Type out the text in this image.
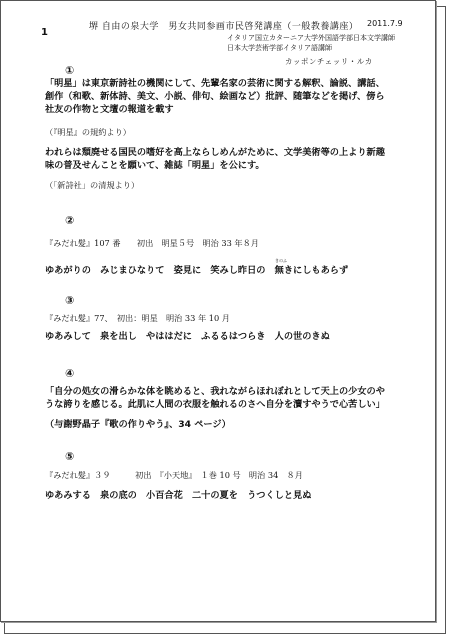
1	堺 自由の泉大学　男女共同参画市民啓発講座（一般教養講座） 2011.7.9
イタリア国立カターニア大学外国語学部日本文学講師
日本大学芸術学部イタリア語講師
カッポンチェッリ・ルカ
①
「明星」は東京新詩社の機関にして、先輩名家の芸術に関する解釈、論説、講話、
創作（和歌、新体詩、美文、小説、俳句、絵画など）批評、随筆などを掲げ、傍ら
社友の作物と文壇の報道を載す
（『明星』の規約より）
われらは頽廃せる国民の嗜好を高上ならしめんがために、文学美術等の上より新趣
味の普及せんことを願いて、雑誌「明星」を公にす。
（「新詩社」の清規より）
②
『みだれ髪』107 番　　初出　明星５号　明治 33 年８月
きのふ
ゆあがりの　みじまひなりて　姿見に　笑みし昨日の　無きにしもあらず
③
『みだれ髪』77、　初出：明星　明治 33 年 10 月
ゆあみして　泉を出し　やははだに　ふるるはつらき　人の世のきぬ
④
「自分の処女の滑らかな体を眺めると、我れながらほれぼれとして天上の少女のや
うな誇りを感じる。此肌に人間の衣服を触れるのさへ自分を瀆すやうで心苦しい」
（与謝野晶子『歌の作りやう』、34 ページ）
⑤
『みだれ髪』３９　　　初出　『小天地』　１巻 10 号　明治 34　８月
ゆあみする　泉の底の　小百合花　二十の夏を　うつくしと見ぬ
